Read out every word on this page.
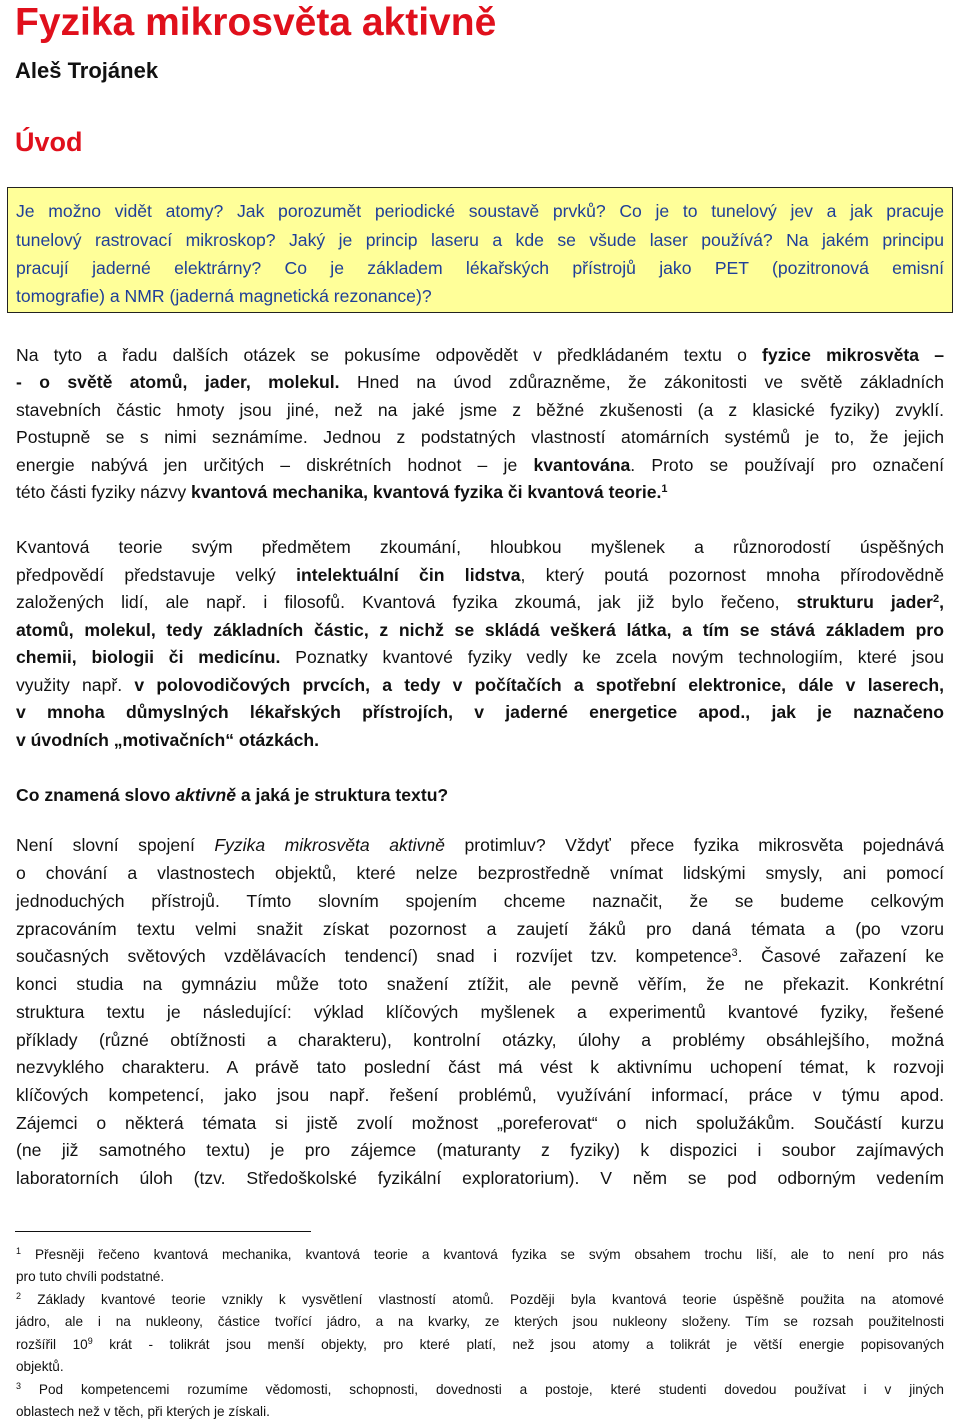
Fyzika mikrosvěta aktivně
Aleš Trojánek
Úvod
Je možno vidět atomy? Jak porozumět periodické soustavě prvků? Co je to tunelový jev a jak pracuje
tunelový rastrovací mikroskop? Jaký je princip laseru a kde se všude laser používá? Na jakém principu
pracují jaderné elektrárny? Co je základem lékařských přístrojů jako PET (pozitronová emisní
tomografie) a NMR (jaderná magnetická rezonance)?
Na tyto a řadu dalších otázek se pokusíme odpovědět v předkládaném textu o fyzice mikrosvěta –
- o světě atomů, jader, molekul. Hned na úvod zdůrazněme, že zákonitosti ve světě základních
stavebních částic hmoty jsou jiné, než na jaké jsme z běžné zkušenosti (a z klasické fyziky) zvyklí.
Postupně se s nimi seznámíme. Jednou z podstatných vlastností atomárních systémů je to, že jejich
energie nabývá jen určitých – diskrétních hodnot – je kvantována. Proto se používají pro označení
této části fyziky názvy kvantová mechanika, kvantová fyzika či kvantová teorie.$^1$
Kvantová teorie svým předmětem zkoumání, hloubkou myšlenek a různorodostí úspěšných
předpovědí představuje velký intelektuální čin lidstva, který poutá pozornost mnoha přírodovědně
založených lidí, ale např. i filosofů. Kvantová fyzika zkoumá, jak již bylo řečeno, strukturu jader$^2$,
atomů, molekul, tedy základních částic, z nichž se skládá veškerá látka, a tím se stává základem pro
chemii, biologii či medicínu. Poznatky kvantové fyziky vedly ke zcela novým technologiím, které jsou
využity např. v polovodičových prvcích, a tedy v počítačích a spotřební elektronice, dále v laserech,
v mnoha důmyslných lékařských přístrojích, v jaderné energetice apod., jak je naznačeno
v úvodních „motivačních“ otázkách.
Co znamená slovo aktivně a jaká je struktura textu?
Není slovní spojení Fyzika mikrosvěta aktivně protimluv? Vždyť přece fyzika mikrosvěta pojednává
o chování a vlastnostech objektů, které nelze bezprostředně vnímat lidskými smysly, ani pomocí
jednoduchých přístrojů. Tímto slovním spojením chceme naznačit, že se budeme celkovým
zpracováním textu velmi snažit získat pozornost a zaujetí žáků pro daná témata a (po vzoru
současných světových vzdělávacích tendencí) snad i rozvíjet tzv. kompetence$^3$. Časové zařazení ke
konci studia na gymnáziu může toto snažení ztížit, ale pevně věřím, že ne překazit. Konkrétní
struktura textu je následující: výklad klíčových myšlenek a experimentů kvantové fyziky, řešené
příklady (různé obtížnosti a charakteru), kontrolní otázky, úlohy a problémy obsáhlejšího, možná
nezvyklého charakteru. A právě tato poslední část má vést k aktivnímu uchopení témat, k rozvoji
klíčových kompetencí, jako jsou např. řešení problémů, využívání informací, práce v týmu apod.
Zájemci o některá témata si jistě zvolí možnost „poreferovat“ o nich spolužákům. Součástí kurzu
(ne již samotného textu) je pro zájemce (maturanty z fyziky) k dispozici i soubor zajímavých
laboratorních úloh (tzv. Středoškolské fyzikální exploratorium). V něm se pod odborným vedením
$^1$ Přesněji řečeno kvantová mechanika, kvantová teorie a kvantová fyzika se svým obsahem trochu liší, ale to není pro nás
pro tuto chvíli podstatné.
$^2$ Základy kvantové teorie vznikly k vysvětlení vlastností atomů. Později byla kvantová teorie úspěšně použita na atomové
jádro, ale i na nukleony, částice tvořící jádro, a na kvarky, ze kterých jsou nukleony složeny. Tím se rozsah použitelnosti
rozšířil $10^9$ krát - tolikrát jsou menší objekty, pro které platí, než jsou atomy a tolikrát je větší energie popisovaných
objektů.
$^3$ Pod kompetencemi rozumíme vědomosti, schopnosti, dovednosti a postoje, které studenti dovedou používat i v jiných
oblastech než v těch, při kterých je získali.
